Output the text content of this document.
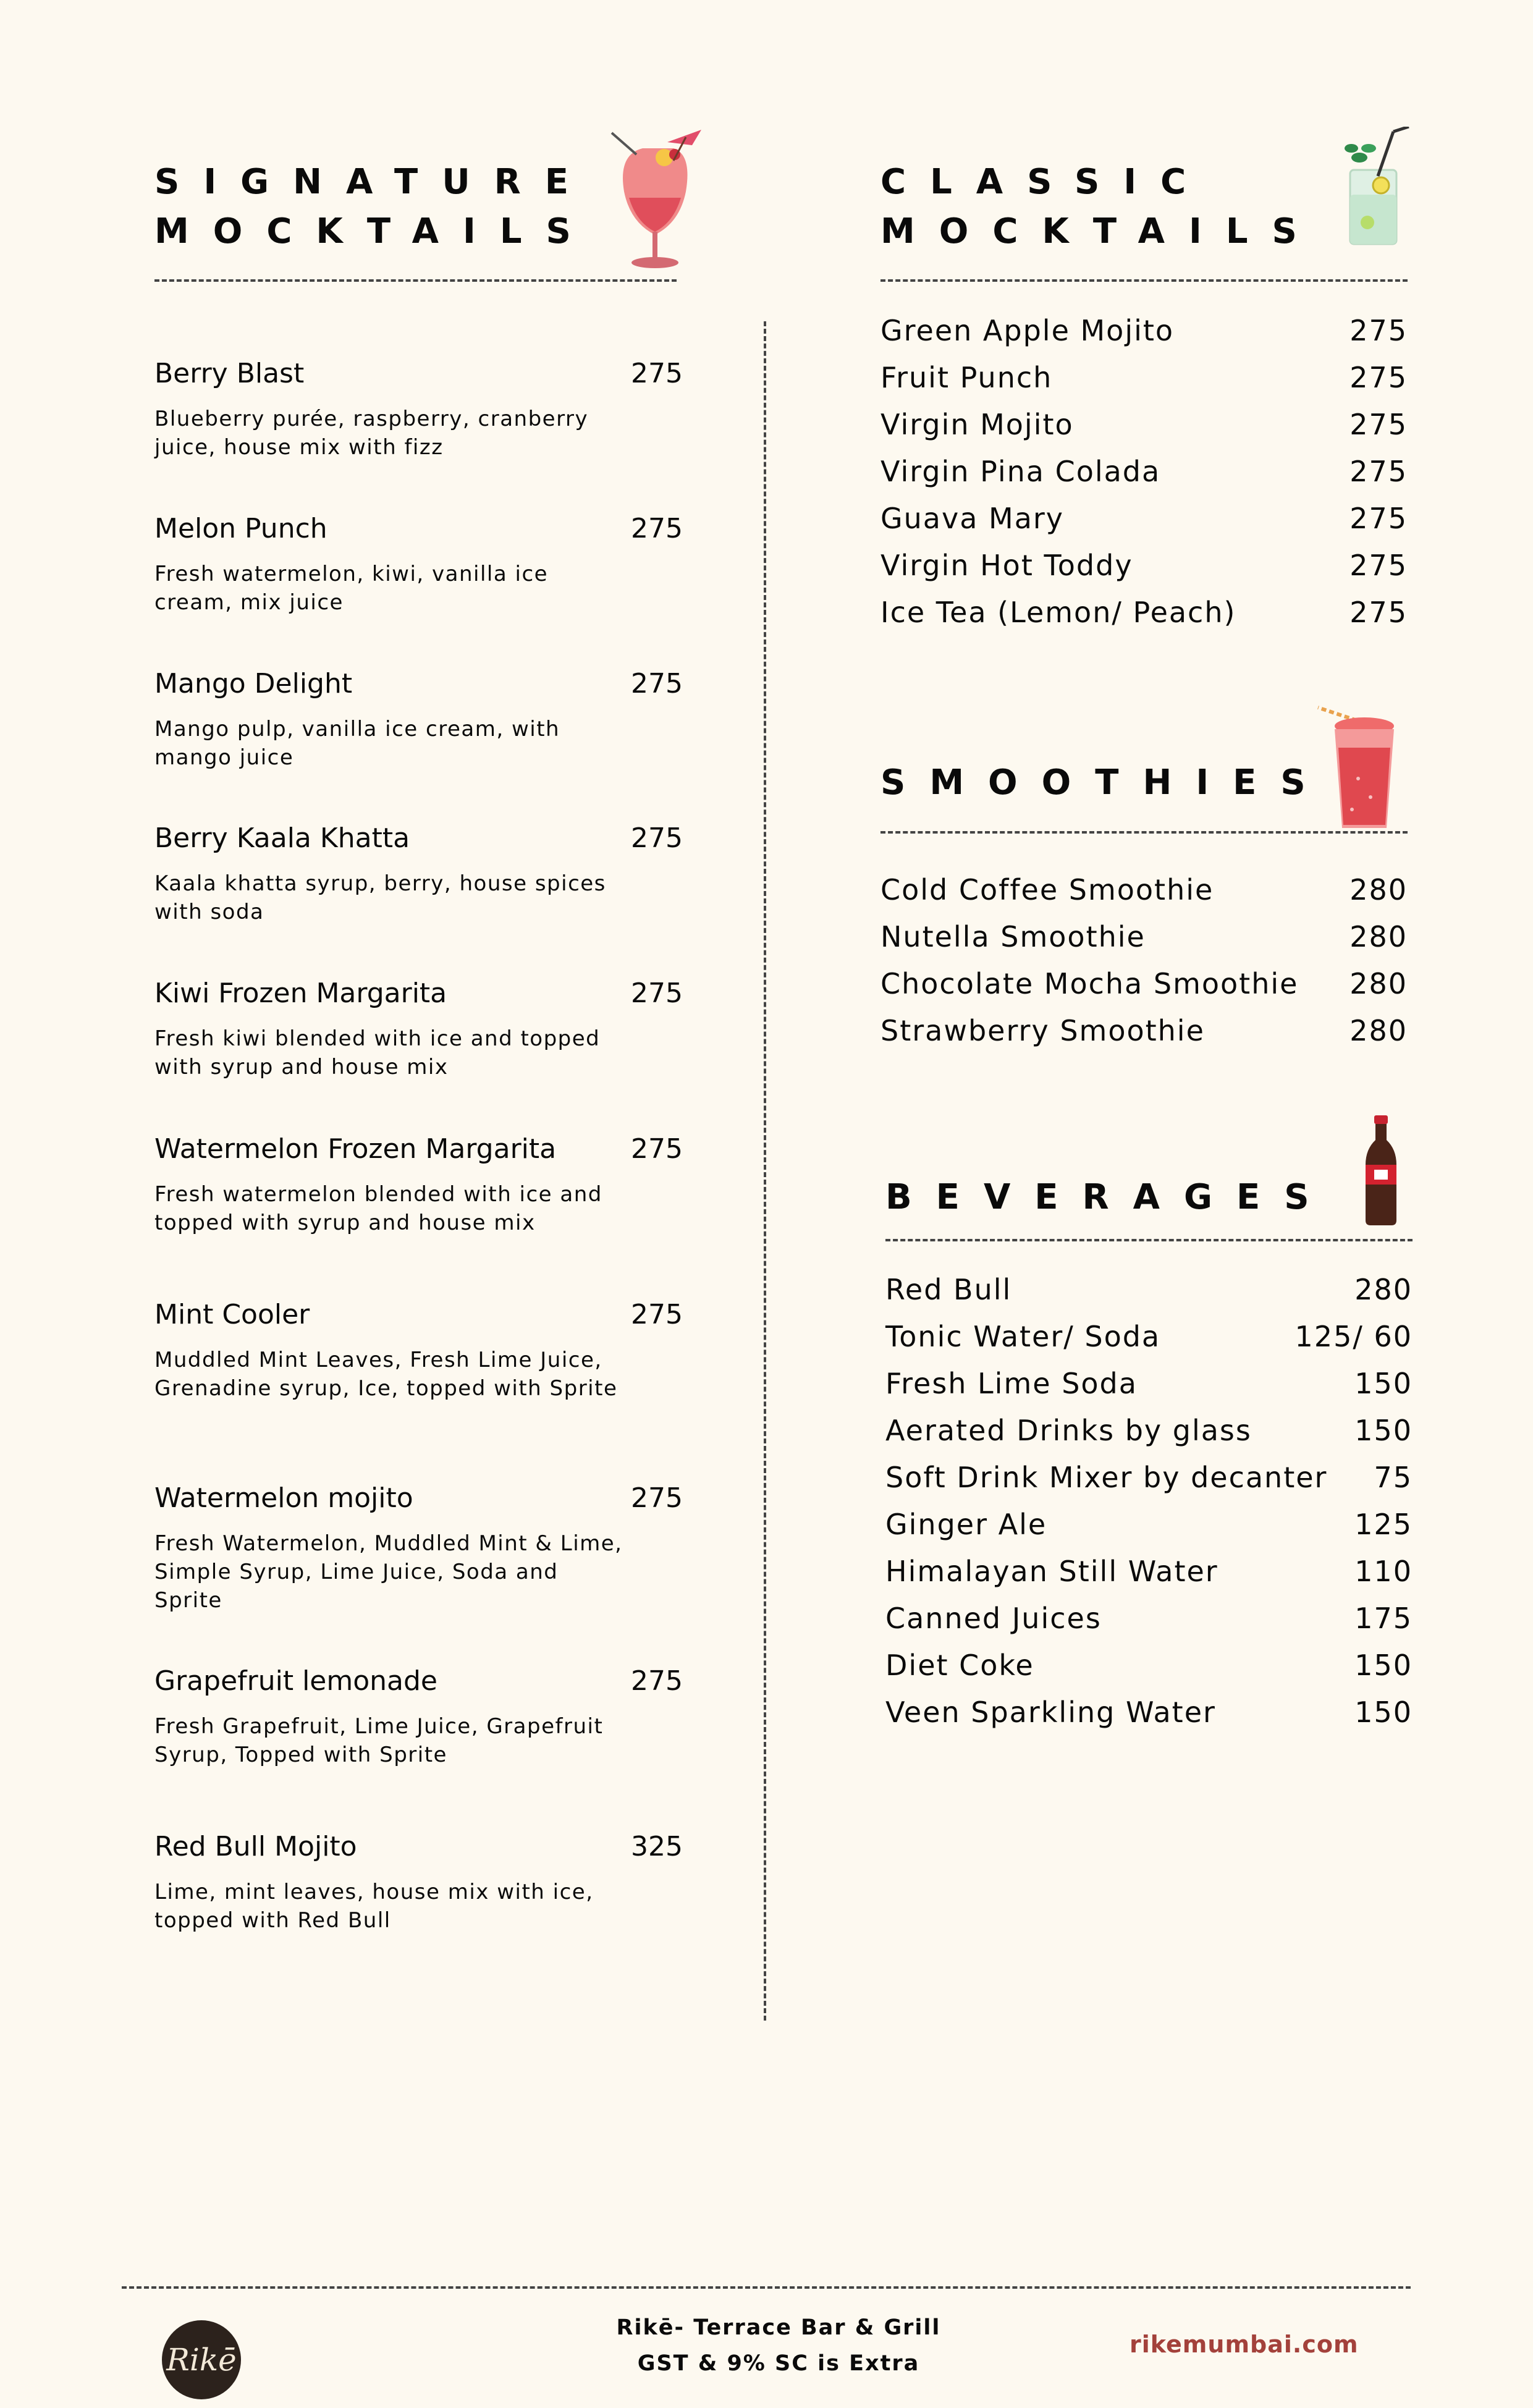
SIGNATURE
MOCKTAILS
Berry Blast	275
Blueberry purée, raspberry, cranberry juice, house mix with fizz
Melon Punch	275
Fresh watermelon, kiwi, vanilla ice cream, mix juice
Mango Delight	275
Mango pulp, vanilla ice cream, with mango juice
Berry Kaala Khatta	275
Kaala khatta syrup, berry, house spices with soda
Kiwi Frozen Margarita	275
Fresh kiwi blended with ice and topped with syrup and house mix
Watermelon Frozen Margarita	275
Fresh watermelon blended with ice and topped with syrup and house mix
Mint Cooler	275
Muddled Mint Leaves, Fresh Lime Juice, Grenadine syrup, Ice, topped with Sprite
Watermelon mojito	275
Fresh Watermelon, Muddled Mint & Lime, Simple Syrup, Lime Juice, Soda and Sprite
Grapefruit lemonade	275
Fresh Grapefruit, Lime Juice, Grapefruit Syrup, Topped with Sprite
Red Bull Mojito	325
Lime, mint leaves, house mix with ice, topped with Red Bull
CLASSIC
MOCKTAILS
Green Apple Mojito	275
Fruit Punch	275
Virgin Mojito	275
Virgin Pina Colada	275
Guava Mary	275
Virgin Hot Toddy	275
Ice Tea (Lemon/ Peach)	275
SMOOTHIES
Cold Coffee Smoothie	280
Nutella Smoothie	280
Chocolate Mocha Smoothie 280
Strawberry Smoothie	280
BEVERAGES
Red Bull	280
Tonic Water/ Soda	125/ 60
Fresh Lime Soda	150
Aerated Drinks by glass	150
Soft Drink Mixer by decanter 75
Ginger Ale	125
Himalayan Still Water	110
Canned Juices	175
Diet Coke	150
Veen Sparkling Water	150
Rikē
Rikē- Terrace Bar & Grill
GST & 9% SC is Extra
rikemumbai.com
